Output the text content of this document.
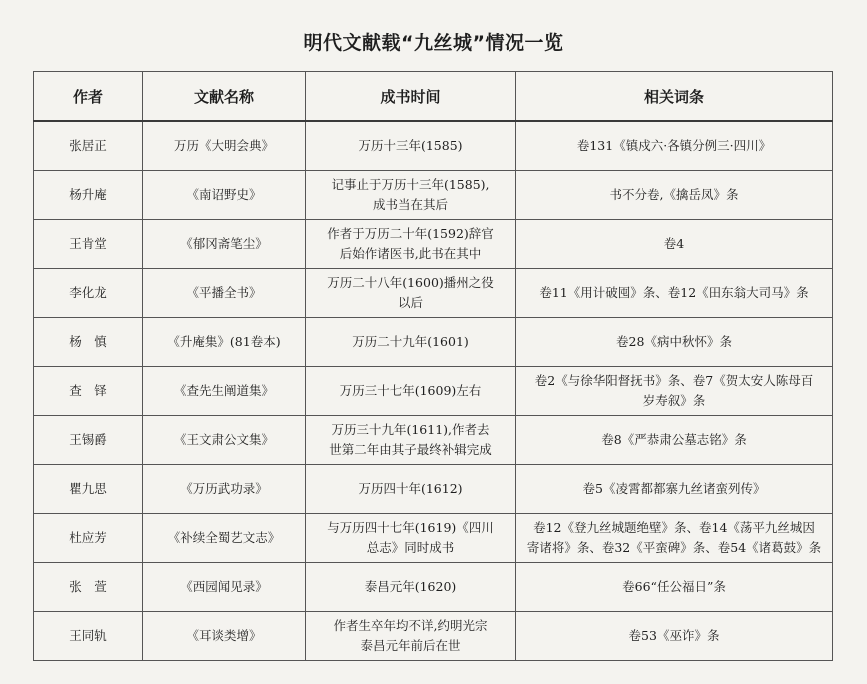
明代文献载“九丝城”情况一览
作者	文献名称	成书时间	相关词条
张居正	万历《大明会典》	万历十三年(1585)	卷131《镇戍六·各镇分例三·四川》

杨升庵	《南诏野史》	记事止于万历十三年(1585),
成书当在其后	书不分卷,《擒岳凤》条

王肯堂	《郁冈斋笔尘》	作者于万历二十年(1592)辞官
后始作诸医书,此书在其中	卷4

李化龙	《平播全书》	万历二十八年(1600)播州之役
以后	卷11《用计破囤》条、卷12《田东翁大司马》条

杨　慎	《升庵集》(81卷本)	万历二十九年(1601)	卷28《病中秋怀》条

查　铎	《查先生阐道集》	万历三十七年(1609)左右	卷2《与徐华阳督抚书》条、卷7《贺太安人陈母百
岁寿叙》条

王锡爵	《王文肃公文集》	万历三十九年(1611),作者去
世第二年由其子最终补辑完成	卷8《严恭肃公墓志铭》条

瞿九思	《万历武功录》	万历四十年(1612)	卷5《凌霄都都寨九丝诸蛮列传》

杜应芳	《补续全蜀艺文志》	与万历四十七年(1619)《四川
总志》同时成书	卷12《登九丝城题绝壁》条、卷14《荡平九丝城因
寄诸将》条、卷32《平蛮碑》条、卷54《诸葛鼓》条

张　萱	《西园闻见录》	泰昌元年(1620)	卷66“任公福日”条

王同轨	《耳谈类增》	作者生卒年均不详,约明光宗
泰昌元年前后在世	卷53《巫诈》条
